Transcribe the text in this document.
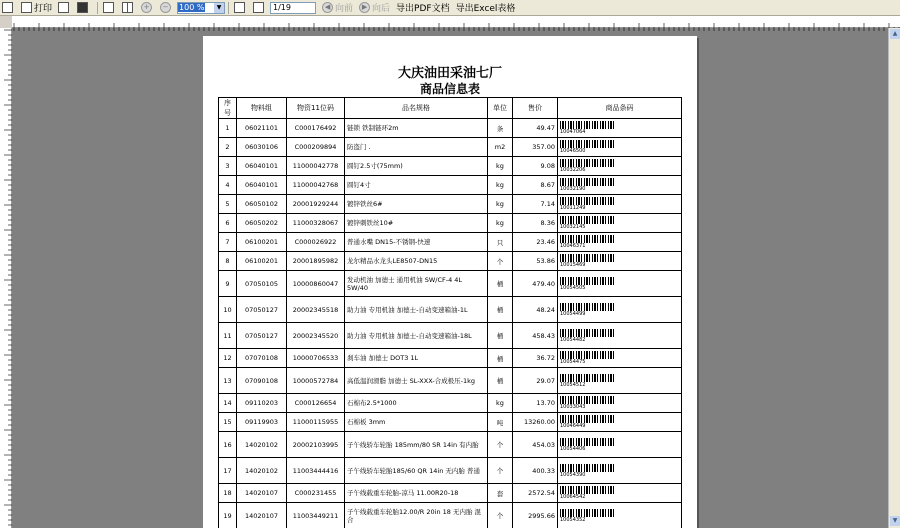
打印	+	−	100 %	▼	1/19	◀ 向前	▶ 向后 导出PDF文档 导出Excel表格
▲
▼
大庆油田采油七厂
商品信息表
序号	物料组	物资11位码	品名规格	单位	售价	商品条码
1	06021101	C000176492	链锁 铁制链环2m	条	49.47	10047064

2	06030106	C000209894	防盗门 .	m2	357.00	10046500

3	06040101	11000042778	圆钉2.5寸(75mm)	kg	9.08	10032206

4	06040101	11000042768	圆钉4寸	kg	8.67	10032190

5	06050102	20001929244	镀锌铁丝6#	kg	7.14	10011249

6	06050202	11000328067	镀锌刺铁丝10#	kg	8.36	10032145

7	06100201	C000026922	普通水嘴 DN15-不锈钢-快速	只	23.46	10046371

8	06100201	20001895982	龙尔精品水龙头LE8507-DN15	个	53.86	10015469

9	07050105	10000860047	发动机油 加德士 通用机油 SW/CF-4 4L 5W/40	桶	479.40	10054505

10	07050127	20002345518	助力油 专用机油 加德士-自动变速箱油-1L	桶	48.24	10054499

11	07050127	20002345520	助力油 专用机油 加德士-自动变速箱油-18L	桶	458.43	10054482

12	07070108	10000706533	刹车油 加德士 DOT3 1L	桶	36.72	10054475

13	07090108	10000572784	高低温润滑脂 加德士 SL-XXX-合成极压-1kg	桶	29.07	10054512

14	09110203	C000126654	石棉布2.5*1000	kg	13.70	10033043

15	09119903	11000115955	石棉板 3mm	吨	13260.00	10046449

16	14020102	20002103995	子午线轿车轮胎 185mm/80 SR 14in 有内胎	个	454.03	10054406

17	14020102	11003444416	子午线轿车轮胎185/60 QR 14in 无内胎 普通	个	400.33	10054390

18	14020107	C000231455	子午线载重车轮胎-凉马 11.00R20-18	套	2572.54	10064542

19	14020107	11003449211	子午线载重车轮胎12.00/R 20in 18 无内胎 混合	个	2995.66	10054352
